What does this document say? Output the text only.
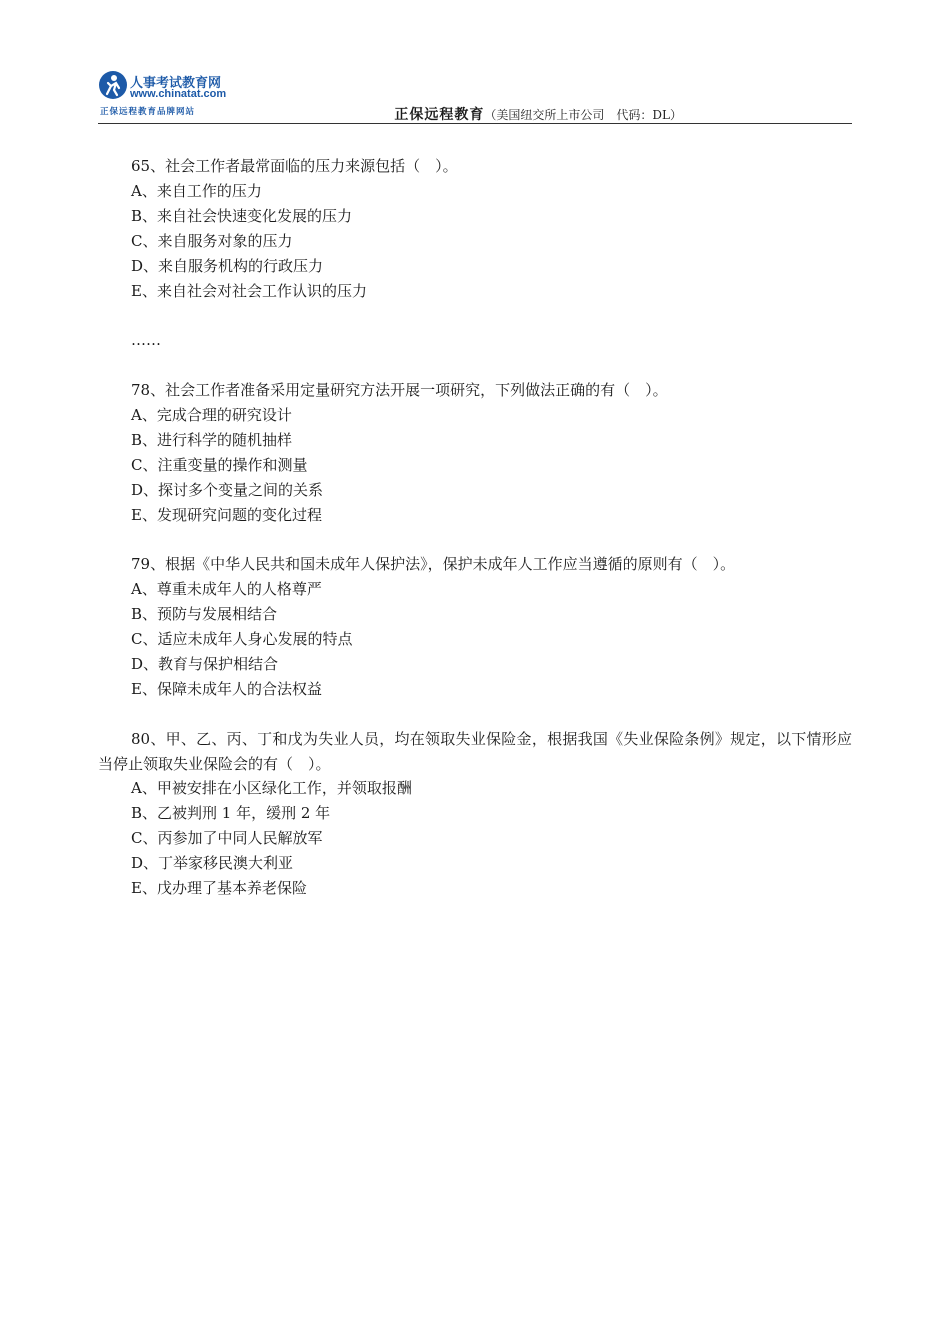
人事考试教育网
www.chinatat.com
正保远程教育品牌网站	正保远程教育（美国纽交所上市公司　代码：DL）
65、社会工作者最常面临的压力来源包括（　）。
A、来自工作的压力
B、来自社会快速变化发展的压力
C、来自服务对象的压力
D、来自服务机构的行政压力
E、来自社会对社会工作认识的压力
……
78、社会工作者准备采用定量研究方法开展一项研究，下列做法正确的有（　）。
A、完成合理的研究设计
B、进行科学的随机抽样
C、注重变量的操作和测量
D、探讨多个变量之间的关系
E、发现研究问题的变化过程
79、根据《中华人民共和国未成年人保护法》，保护未成年人工作应当遵循的原则有（　）。
A、尊重未成年人的人格尊严
B、预防与发展相结合
C、适应未成年人身心发展的特点
D、教育与保护相结合
E、保障未成年人的合法权益
80、甲、乙、丙、丁和戊为失业人员，均在领取失业保险金，根据我国《失业保险条例》规定，以下情形应当停止领取失业保险会的有（　）。
A、甲被安排在小区绿化工作，并领取报酬
B、乙被判刑 1 年，缓刑 2 年
C、丙参加了中同人民解放军
D、丁举家移民澳大利亚
E、戊办理了基本养老保险
